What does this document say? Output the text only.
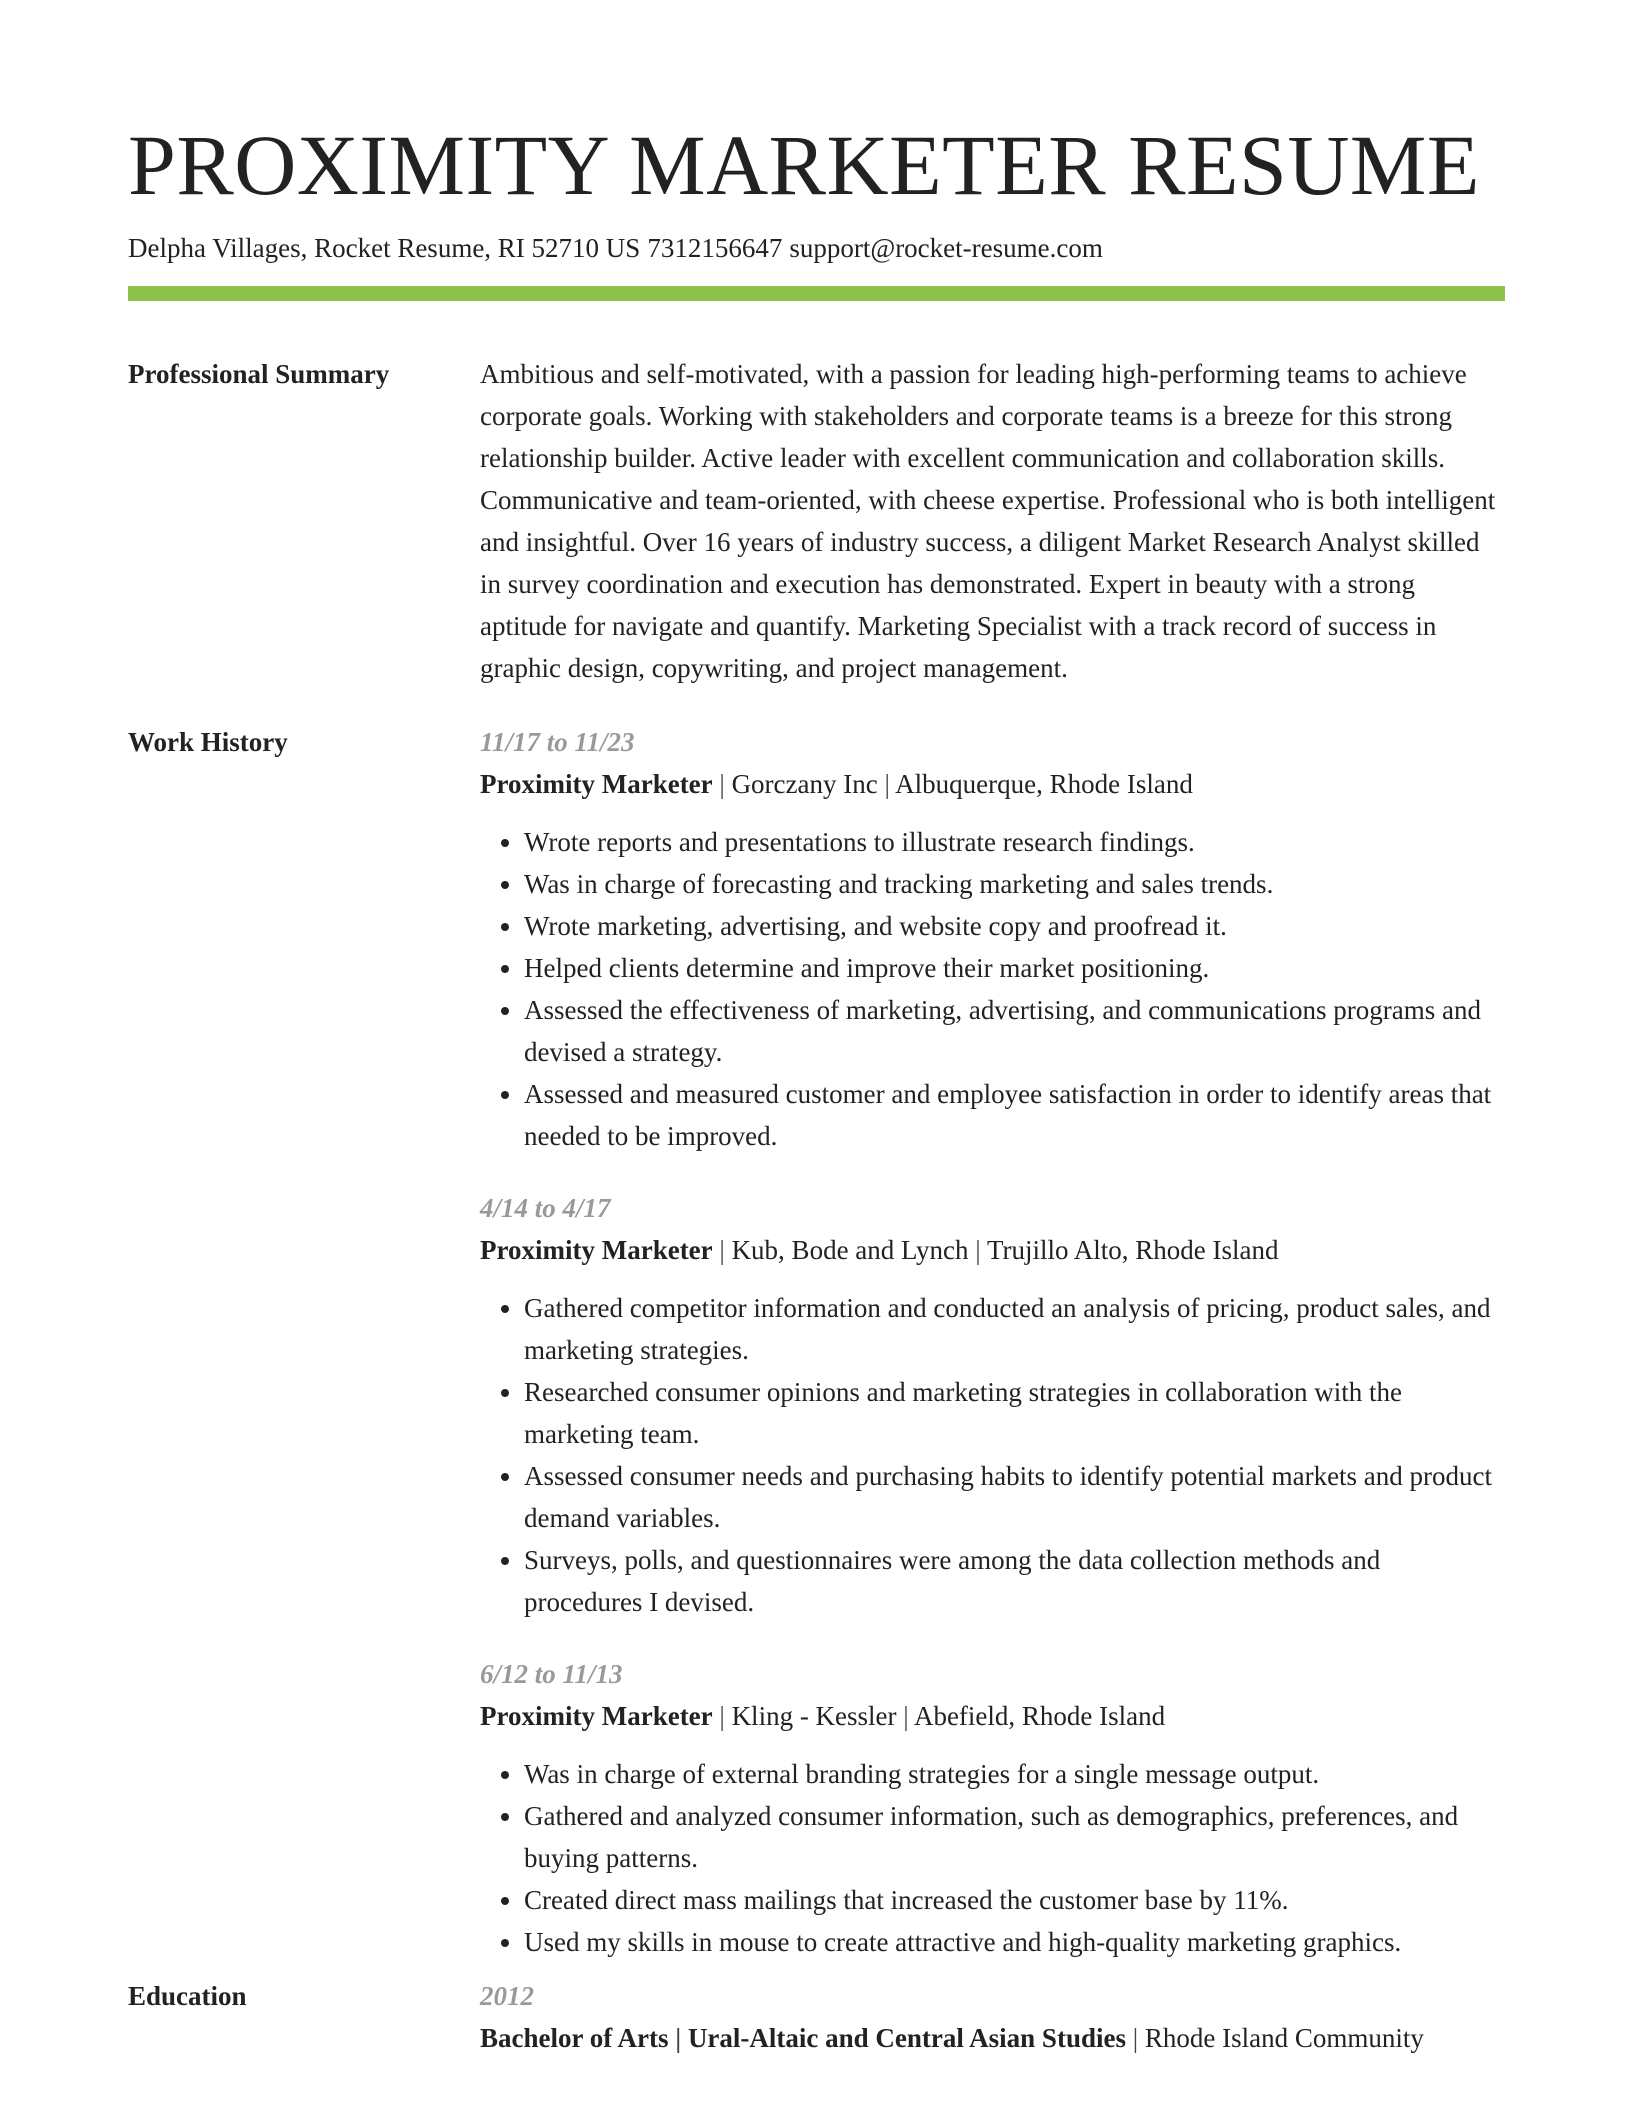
PROXIMITY MARKETER RESUME
Delpha Villages, Rocket Resume, RI 52710 US 7312156647 support@rocket-resume.com
Professional Summary	Ambitious and self-motivated, with a passion for leading high-performing teams to achieve corporate goals. Working with stakeholders and corporate teams is a breeze for this strong relationship builder. Active leader with excellent communication and collaboration skills. Communicative and team-oriented, with cheese expertise. Professional who is both intelligent and insightful. Over 16 years of industry success, a diligent Market Research Analyst skilled in survey coordination and execution has demonstrated. Expert in beauty with a strong aptitude for navigate and quantify. Marketing Specialist with a track record of success in graphic design, copywriting, and project management.

Work History	11/17 to 11/23
Proximity Marketer | Gorczany Inc | Albuquerque, Rhode Island
• Wrote reports and presentations to illustrate research findings.
• Was in charge of forecasting and tracking marketing and sales trends.
• Wrote marketing, advertising, and website copy and proofread it.
• Helped clients determine and improve their market positioning.
• Assessed the effectiveness of marketing, advertising, and communications programs and devised a strategy.
• Assessed and measured customer and employee satisfaction in order to identify areas that needed to be improved.
4/14 to 4/17
Proximity Marketer | Kub, Bode and Lynch | Trujillo Alto, Rhode Island
• Gathered competitor information and conducted an analysis of pricing, product sales, and marketing strategies.
• Researched consumer opinions and marketing strategies in collaboration with the marketing team.
• Assessed consumer needs and purchasing habits to identify potential markets and product demand variables.
• Surveys, polls, and questionnaires were among the data collection methods and procedures I devised.
6/12 to 11/13
Proximity Marketer | Kling - Kessler | Abefield, Rhode Island
• Was in charge of external branding strategies for a single message output.
• Gathered and analyzed consumer information, such as demographics, preferences, and buying patterns.
• Created direct mass mailings that increased the customer base by 11%.
• Used my skills in mouse to create attractive and high-quality marketing graphics.
Education	2012
Bachelor of Arts | Ural-Altaic and Central Asian Studies | Rhode Island Community
